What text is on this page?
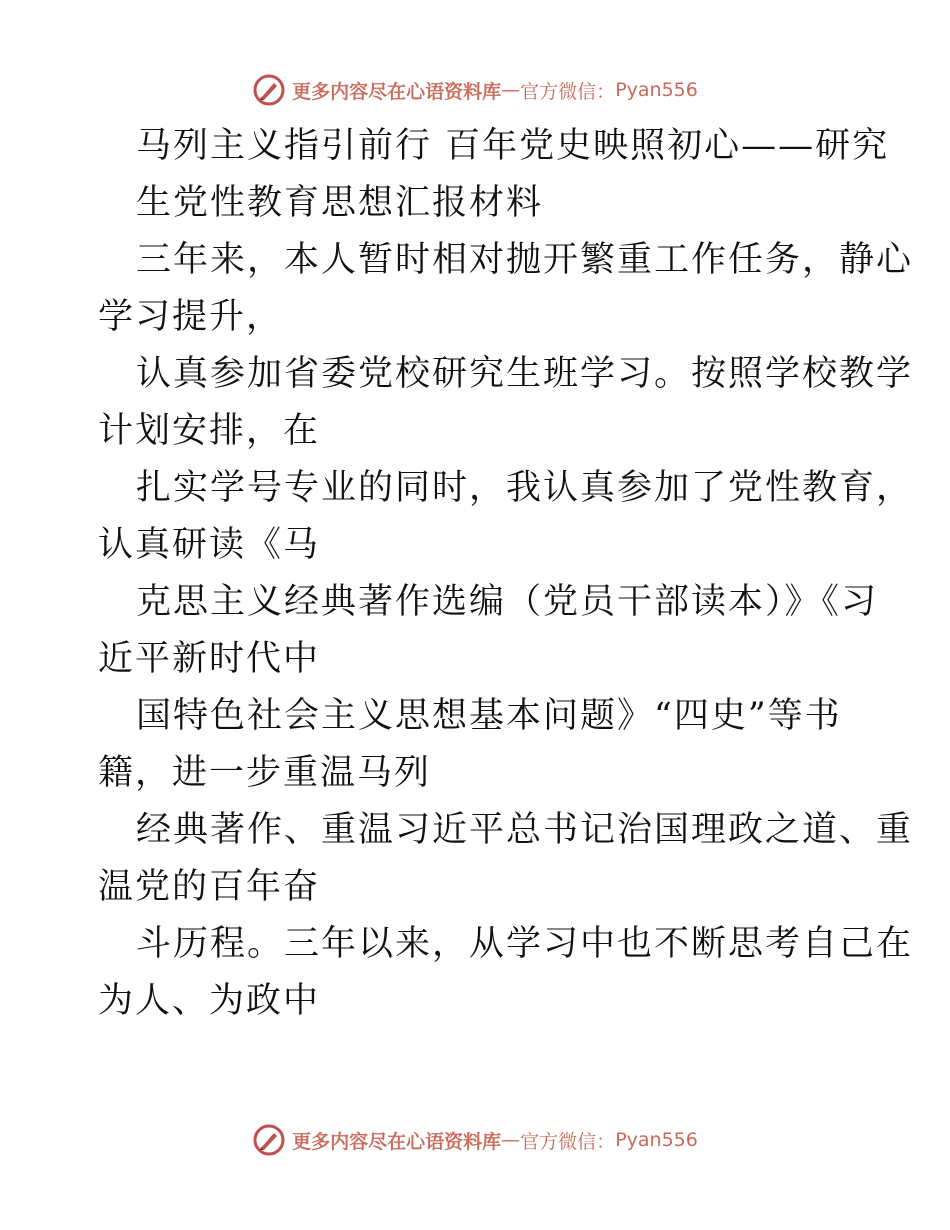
更多内容尽在心语资料库 — 官方微信： Pyan556
马列主义指引前行 百年党史映照初心——研究
生党性教育思想汇报材料
三年来，本人暂时相对抛开繁重工作任务，静心
学习提升，
认真参加省委党校研究生班学习。按照学校教学
计划安排，在
扎实学号专业的同时，我认真参加了党性教育，
认真研读《马
克思主义经典著作选编（党员干部读本）》《习
近平新时代中
国特色社会主义思想基本问题》“四史”等书
籍，进一步重温马列
经典著作、重温习近平总书记治国理政之道、重
温党的百年奋
斗历程。三年以来，从学习中也不断思考自己在
为人、为政中
更多内容尽在心语资料库 — 官方微信： Pyan556
